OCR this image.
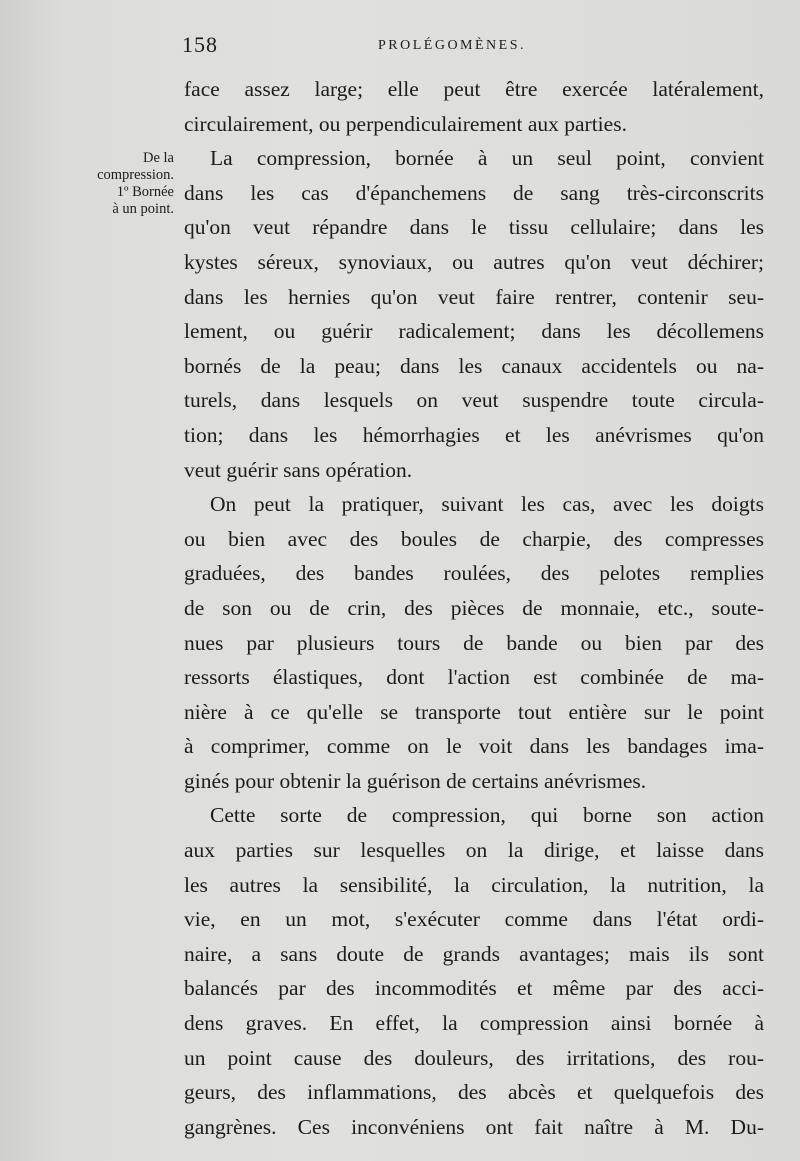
158	PROLÉGOMÈNES.
De la
compression.
1º Bornée
à un point.
face assez large; elle peut être exercée latéralement,
circulairement, ou perpendiculairement aux parties.
La compression, bornée à un seul point, convient
dans les cas d'épanchemens de sang très-circonscrits
qu'on veut répandre dans le tissu cellulaire; dans les
kystes séreux, synoviaux, ou autres qu'on veut déchirer;
dans les hernies qu'on veut faire rentrer, contenir seu-
lement, ou guérir radicalement; dans les décollemens
bornés de la peau; dans les canaux accidentels ou na-
turels, dans lesquels on veut suspendre toute circula-
tion; dans les hémorrhagies et les anévrismes qu'on
veut guérir sans opération.
On peut la pratiquer, suivant les cas, avec les doigts
ou bien avec des boules de charpie, des compresses
graduées, des bandes roulées, des pelotes remplies
de son ou de crin, des pièces de monnaie, etc., soute-
nues par plusieurs tours de bande ou bien par des
ressorts élastiques, dont l'action est combinée de ma-
nière à ce qu'elle se transporte tout entière sur le point
à comprimer, comme on le voit dans les bandages ima-
ginés pour obtenir la guérison de certains anévrismes.
Cette sorte de compression, qui borne son action
aux parties sur lesquelles on la dirige, et laisse dans
les autres la sensibilité, la circulation, la nutrition, la
vie, en un mot, s'exécuter comme dans l'état ordi-
naire, a sans doute de grands avantages; mais ils sont
balancés par des incommodités et même par des acci-
dens graves. En effet, la compression ainsi bornée à
un point cause des douleurs, des irritations, des rou-
geurs, des inflammations, des abcès et quelquefois des
gangrènes. Ces inconvéniens ont fait naître à M. Du-
